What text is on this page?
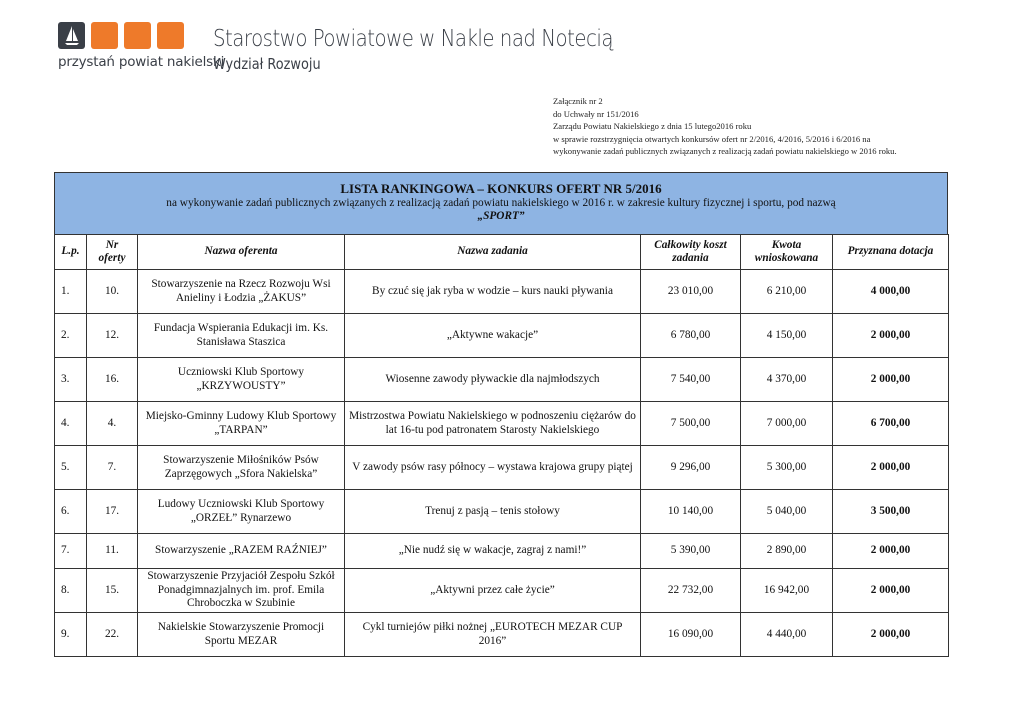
przystań powiat nakielski
Starostwo Powiatowe w Nakle nad Notecią
Wydział Rozwoju
Załącznik nr 2
do Uchwały nr 151/2016
Zarządu Powiatu Nakielskiego z dnia 15 lutego2016 roku
w sprawie rozstrzygnięcia otwartych konkursów ofert nr 2/2016, 4/2016, 5/2016 i 6/2016 na
wykonywanie zadań publicznych związanych z realizacją zadań powiatu nakielskiego w 2016 roku.
LISTA RANKINGOWA – KONKURS OFERT NR 5/2016
na wykonywanie zadań publicznych związanych z realizacją zadań powiatu nakielskiego w 2016 r. w zakresie kultury fizycznej i sportu, pod nazwą
„SPORT”
L.p.	Nr oferty	Nazwa oferenta	Nazwa zadania	Całkowity koszt zadania	Kwota wnioskowana	Przyznana dotacja
1.	10.	Stowarzyszenie na Rzecz Rozwoju Wsi Anieliny i Łodzia „ŻAKUS”	By czuć się jak ryba w wodzie – kurs nauki pływania	23 010,00	6 210,00	4 000,00
2.	12.	Fundacja Wspierania Edukacji im. Ks. Stanisława Staszica	„Aktywne wakacje”	6 780,00	4 150,00	2 000,00
3.	16.	Uczniowski Klub Sportowy „KRZYWOUSTY”	Wiosenne zawody pływackie dla najmłodszych	7 540,00	4 370,00	2 000,00
4.	4.	Miejsko-Gminny Ludowy Klub Sportowy „TARPAN”	Mistrzostwa Powiatu Nakielskiego w podnoszeniu ciężarów do lat 16-tu pod patronatem Starosty Nakielskiego	7 500,00	7 000,00	6 700,00
5.	7.	Stowarzyszenie Miłośników Psów Zaprzęgowych „Sfora Nakielska”	V zawody psów rasy północy – wystawa krajowa grupy piątej	9 296,00	5 300,00	2 000,00
6.	17.	Ludowy Uczniowski Klub Sportowy „ORZEŁ” Rynarzewo	Trenuj z pasją – tenis stołowy	10 140,00	5 040,00	3 500,00
7.	11.	Stowarzyszenie „RAZEM RAŹNIEJ”	„Nie nudź się w wakacje, zagraj z nami!”	5 390,00	2 890,00	2 000,00
8.	15.	Stowarzyszenie Przyjaciół Zespołu Szkół Ponadgimnazjalnych im. prof. Emila Chroboczka w Szubinie	„Aktywni przez całe życie”	22 732,00	16 942,00	2 000,00
9.	22.	Nakielskie Stowarzyszenie Promocji Sportu MEZAR	Cykl turniejów piłki nożnej „EUROTECH MEZAR CUP 2016”	16 090,00	4 440,00	2 000,00
